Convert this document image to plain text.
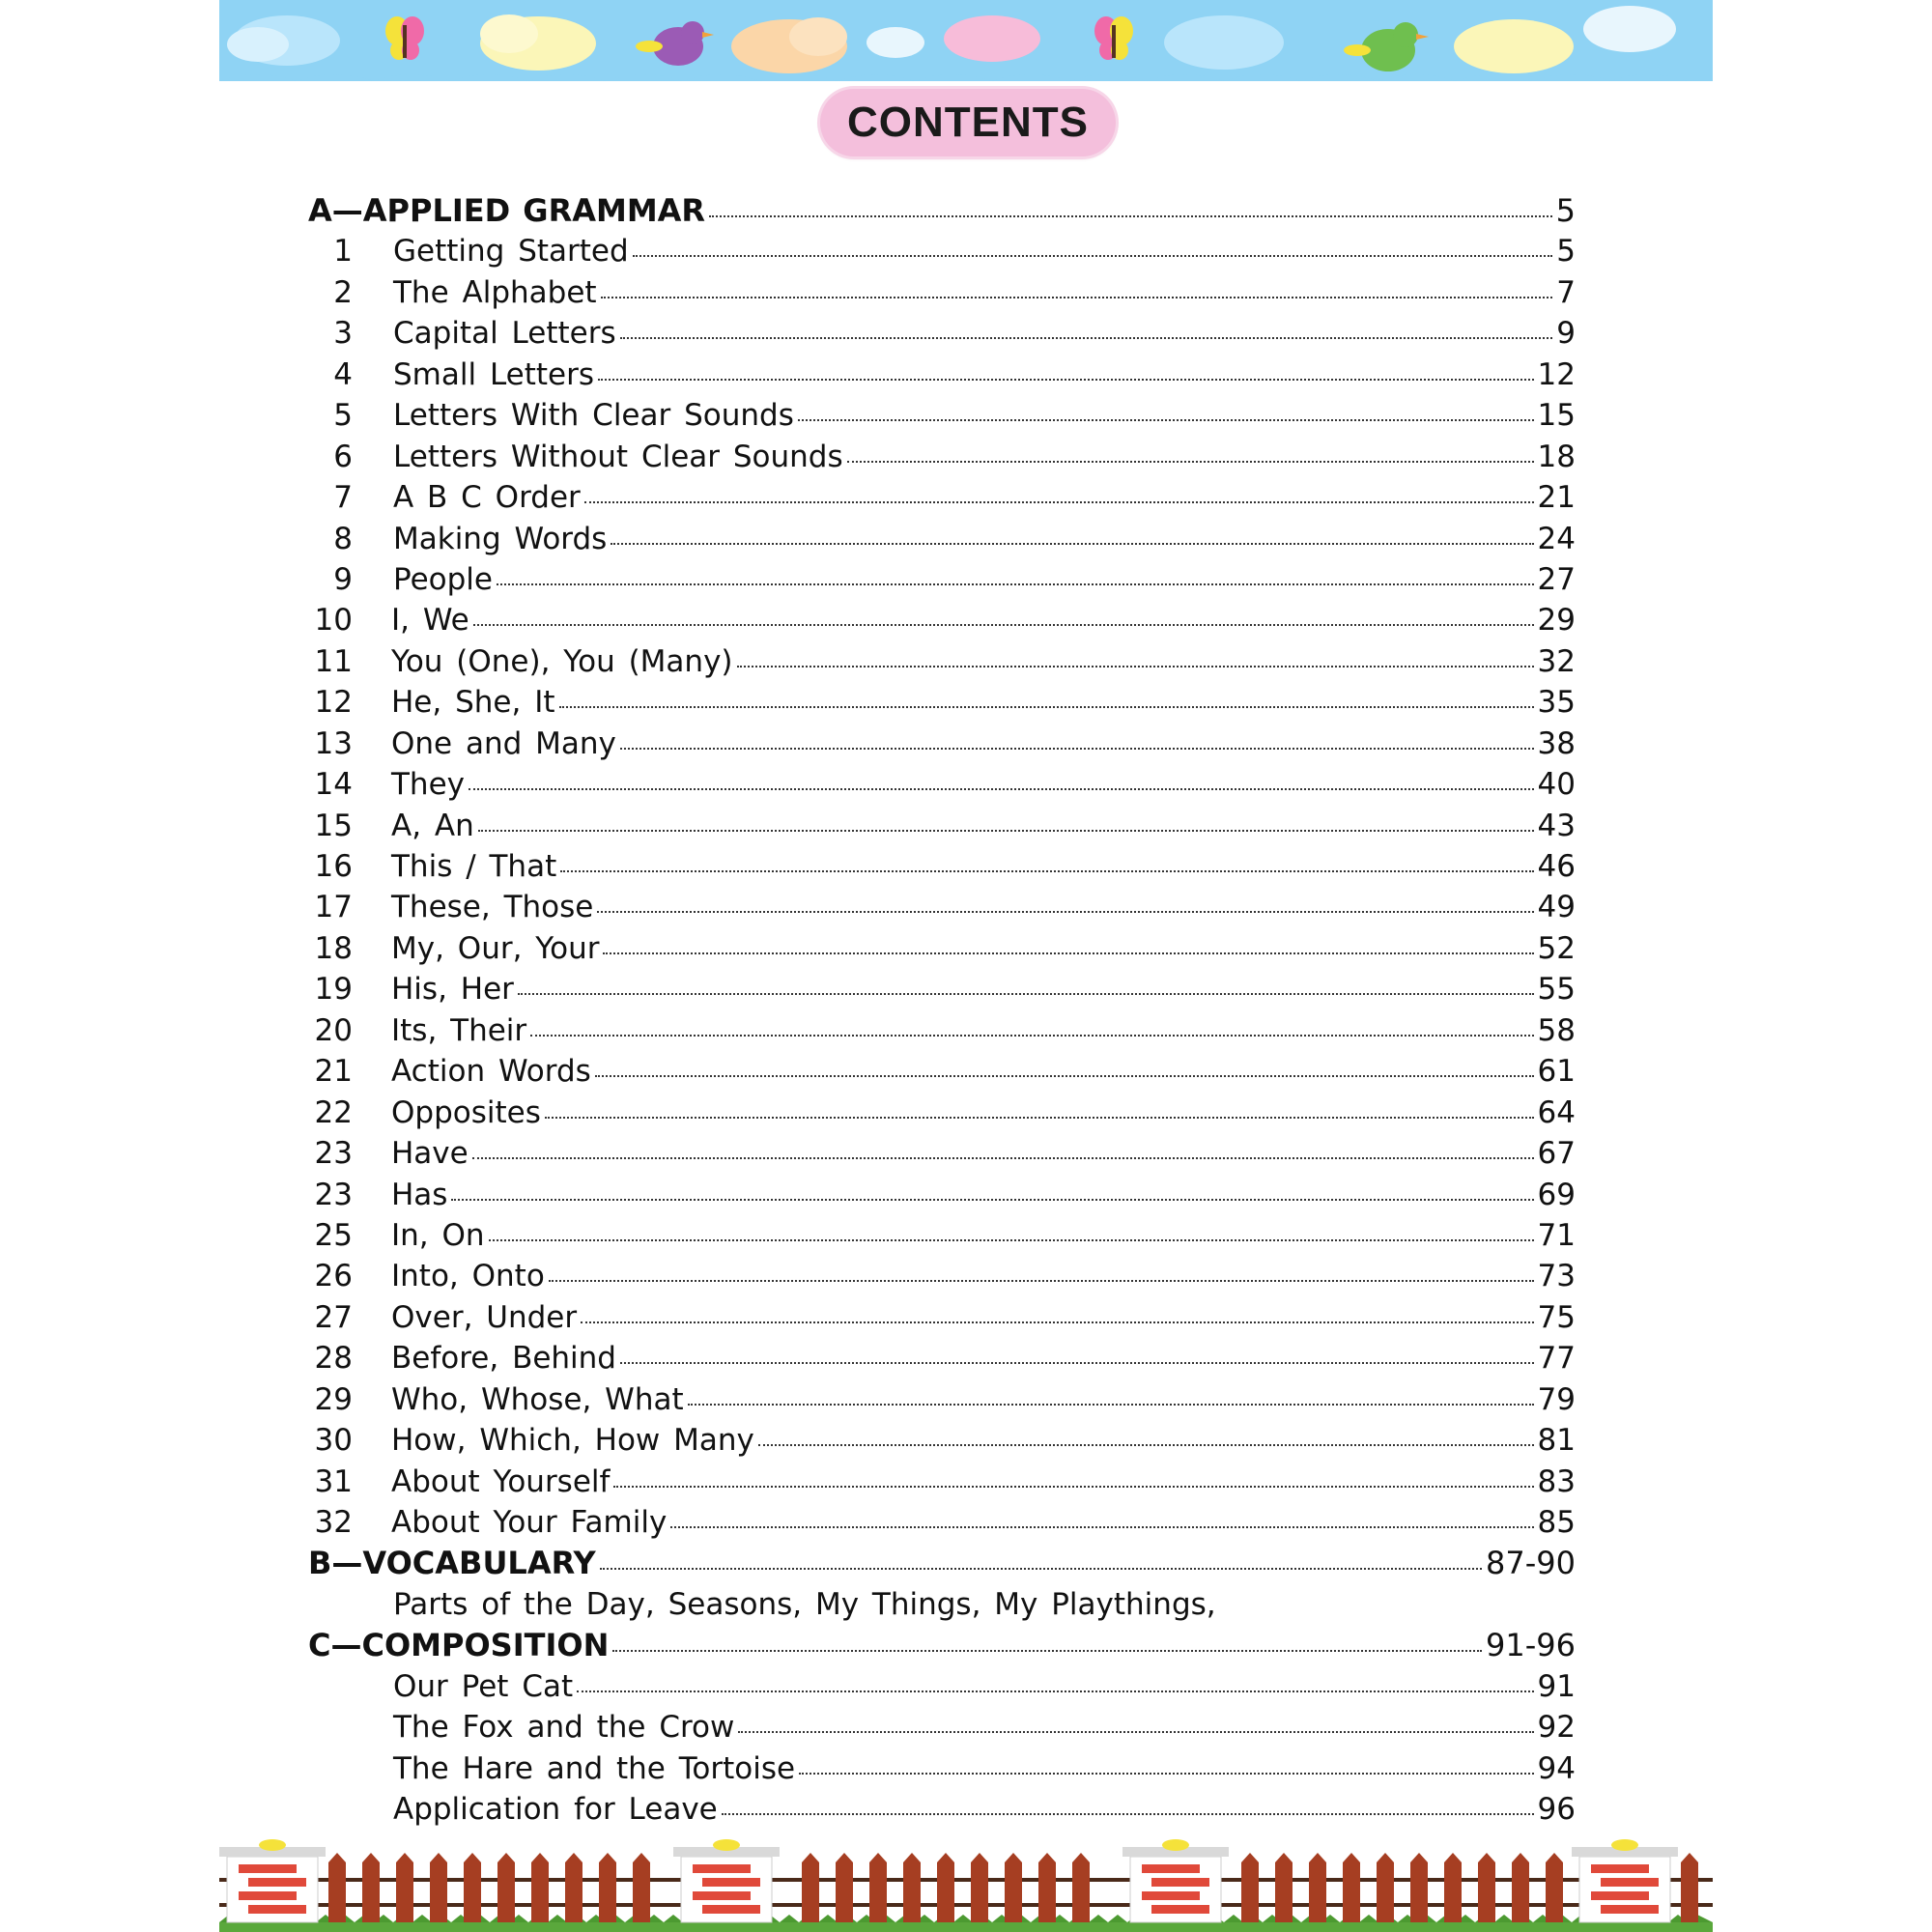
CONTENTS
A—APPLIED GRAMMAR	5
1 Getting Started	5
2 The Alphabet	7
3 Capital Letters	9
4 Small Letters	12
5 Letters With Clear Sounds	15
6 Letters Without Clear Sounds	18
7 A B C Order	21
8 Making Words	24
9 People	27
10 I, We	29
11 You (One), You (Many)	32
12 He, She, It	35
13 One and Many	38
14 They	40
15 A, An	43
16 This / That	46
17 These, Those	49
18 My, Our, Your	52
19 His, Her	55
20 Its, Their	58
21 Action Words	61
22 Opposites	64
23 Have	67
23 Has	69
25 In, On	71
26 Into, Onto	73
27 Over, Under	75
28 Before, Behind	77
29 Who, Whose, What	79
30 How, Which, How Many	81
31 About Yourself	83
32 About Your Family	85
B—VOCABULARY	87-90
Parts of the Day, Seasons, My Things, My Playthings,
C—COMPOSITION	91-96
Our Pet Cat	91
The Fox and the Crow	92
The Hare and the Tortoise	94
Application for Leave	96
